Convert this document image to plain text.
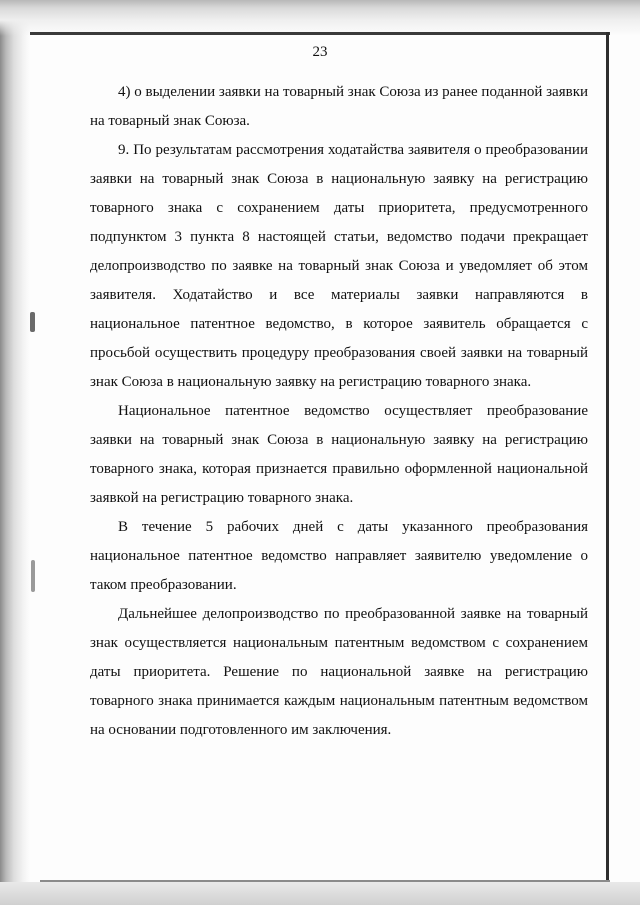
23

4) о выделении заявки на товарный знак Союза из ранее поданной заявки на товарный знак Союза.

9. По результатам рассмотрения ходатайства заявителя о преобразовании заявки на товарный знак Союза в национальную заявку на регистрацию товарного знака с сохранением даты приоритета, предусмотренного подпунктом 3 пункта 8 настоящей статьи, ведомство подачи прекращает делопроизводство по заявке на товарный знак Союза и уведомляет об этом заявителя. Ходатайство и все материалы заявки направляются в национальное патентное ведомство, в которое заявитель обращается с просьбой осуществить процедуру преобразования своей заявки на товарный знак Союза в национальную заявку на регистрацию товарного знака.

Национальное патентное ведомство осуществляет преобразование заявки на товарный знак Союза в национальную заявку на регистрацию товарного знака, которая признается правильно оформленной национальной заявкой на регистрацию товарного знака.

В течение 5 рабочих дней с даты указанного преобразования национальное патентное ведомство направляет заявителю уведомление о таком преобразовании.

Дальнейшее делопроизводство по преобразованной заявке на товарный знак осуществляется национальным патентным ведомством с сохранением даты приоритета. Решение по национальной заявке на регистрацию товарного знака принимается каждым национальным патентным ведомством на основании подготовленного им заключения.
